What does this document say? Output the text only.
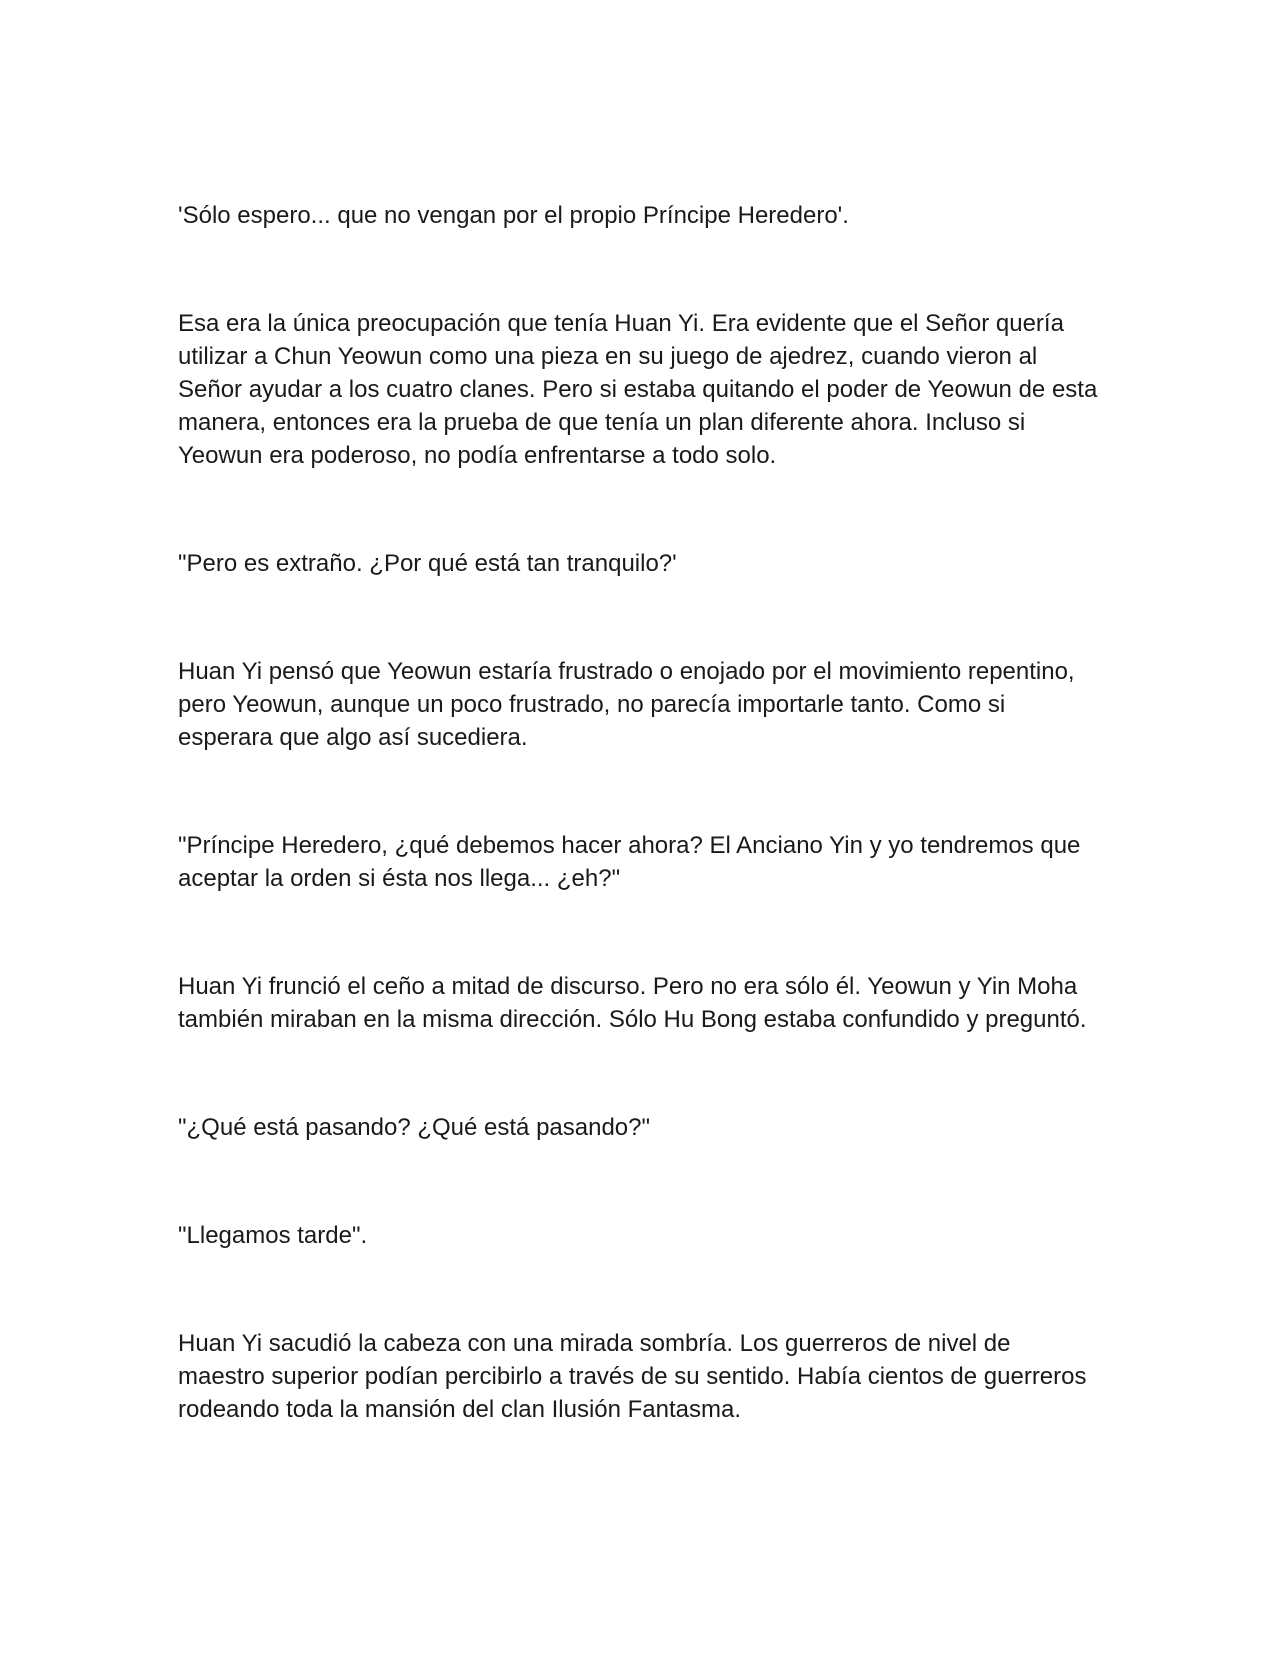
'Sólo espero... que no vengan por el propio Príncipe Heredero'.

Esa era la única preocupación que tenía Huan Yi. Era evidente que el Señor quería utilizar a Chun Yeowun como una pieza en su juego de ajedrez, cuando vieron al Señor ayudar a los cuatro clanes. Pero si estaba quitando el poder de Yeowun de esta manera, entonces era la prueba de que tenía un plan diferente ahora. Incluso si Yeowun era poderoso, no podía enfrentarse a todo solo.

"Pero es extraño. ¿Por qué está tan tranquilo?'

Huan Yi pensó que Yeowun estaría frustrado o enojado por el movimiento repentino, pero Yeowun, aunque un poco frustrado, no parecía importarle tanto. Como si esperara que algo así sucediera.

"Príncipe Heredero, ¿qué debemos hacer ahora? El Anciano Yin y yo tendremos que aceptar la orden si ésta nos llega... ¿eh?"

Huan Yi frunció el ceño a mitad de discurso. Pero no era sólo él. Yeowun y Yin Moha también miraban en la misma dirección. Sólo Hu Bong estaba confundido y preguntó.

"¿Qué está pasando? ¿Qué está pasando?"

"Llegamos tarde".

Huan Yi sacudió la cabeza con una mirada sombría. Los guerreros de nivel de maestro superior podían percibirlo a través de su sentido. Había cientos de guerreros rodeando toda la mansión del clan Ilusión Fantasma.
